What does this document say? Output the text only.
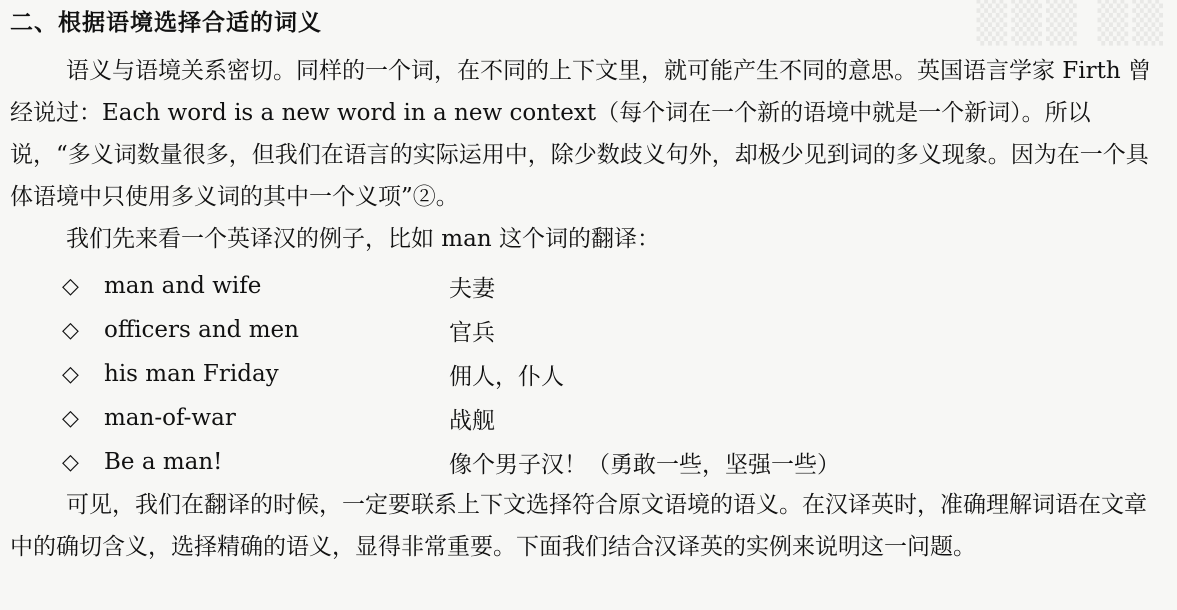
▒▒▒ ▒▒
二、根据语境选择合适的词义

语义与语境关系密切。同样的一个词，在不同的上下文里，就可能产生不同的意思。英国语言学家 Firth 曾经说过：Each word is a new word in a new context（每个词在一个新的语境中就是一个新词）。所以说，“多义词数量很多，但我们在语言的实际运用中，除少数歧义句外，却极少见到词的多义现象。因为在一个具体语境中只使用多义词的其中一个义项”②。

我们先来看一个英译汉的例子，比如 man 这个词的翻译：

◇	man and wife	夫妻
◇	officers and men	官兵
◇	his man Friday	佣人，仆人
◇	man-of-war	战舰
◇	Be a man!	像个男子汉！（勇敢一些，坚强一些）

可见，我们在翻译的时候，一定要联系上下文选择符合原文语境的语义。在汉译英时，准确理解词语在文章中的确切含义，选择精确的语义，显得非常重要。下面我们结合汉译英的实例来说明这一问题。
